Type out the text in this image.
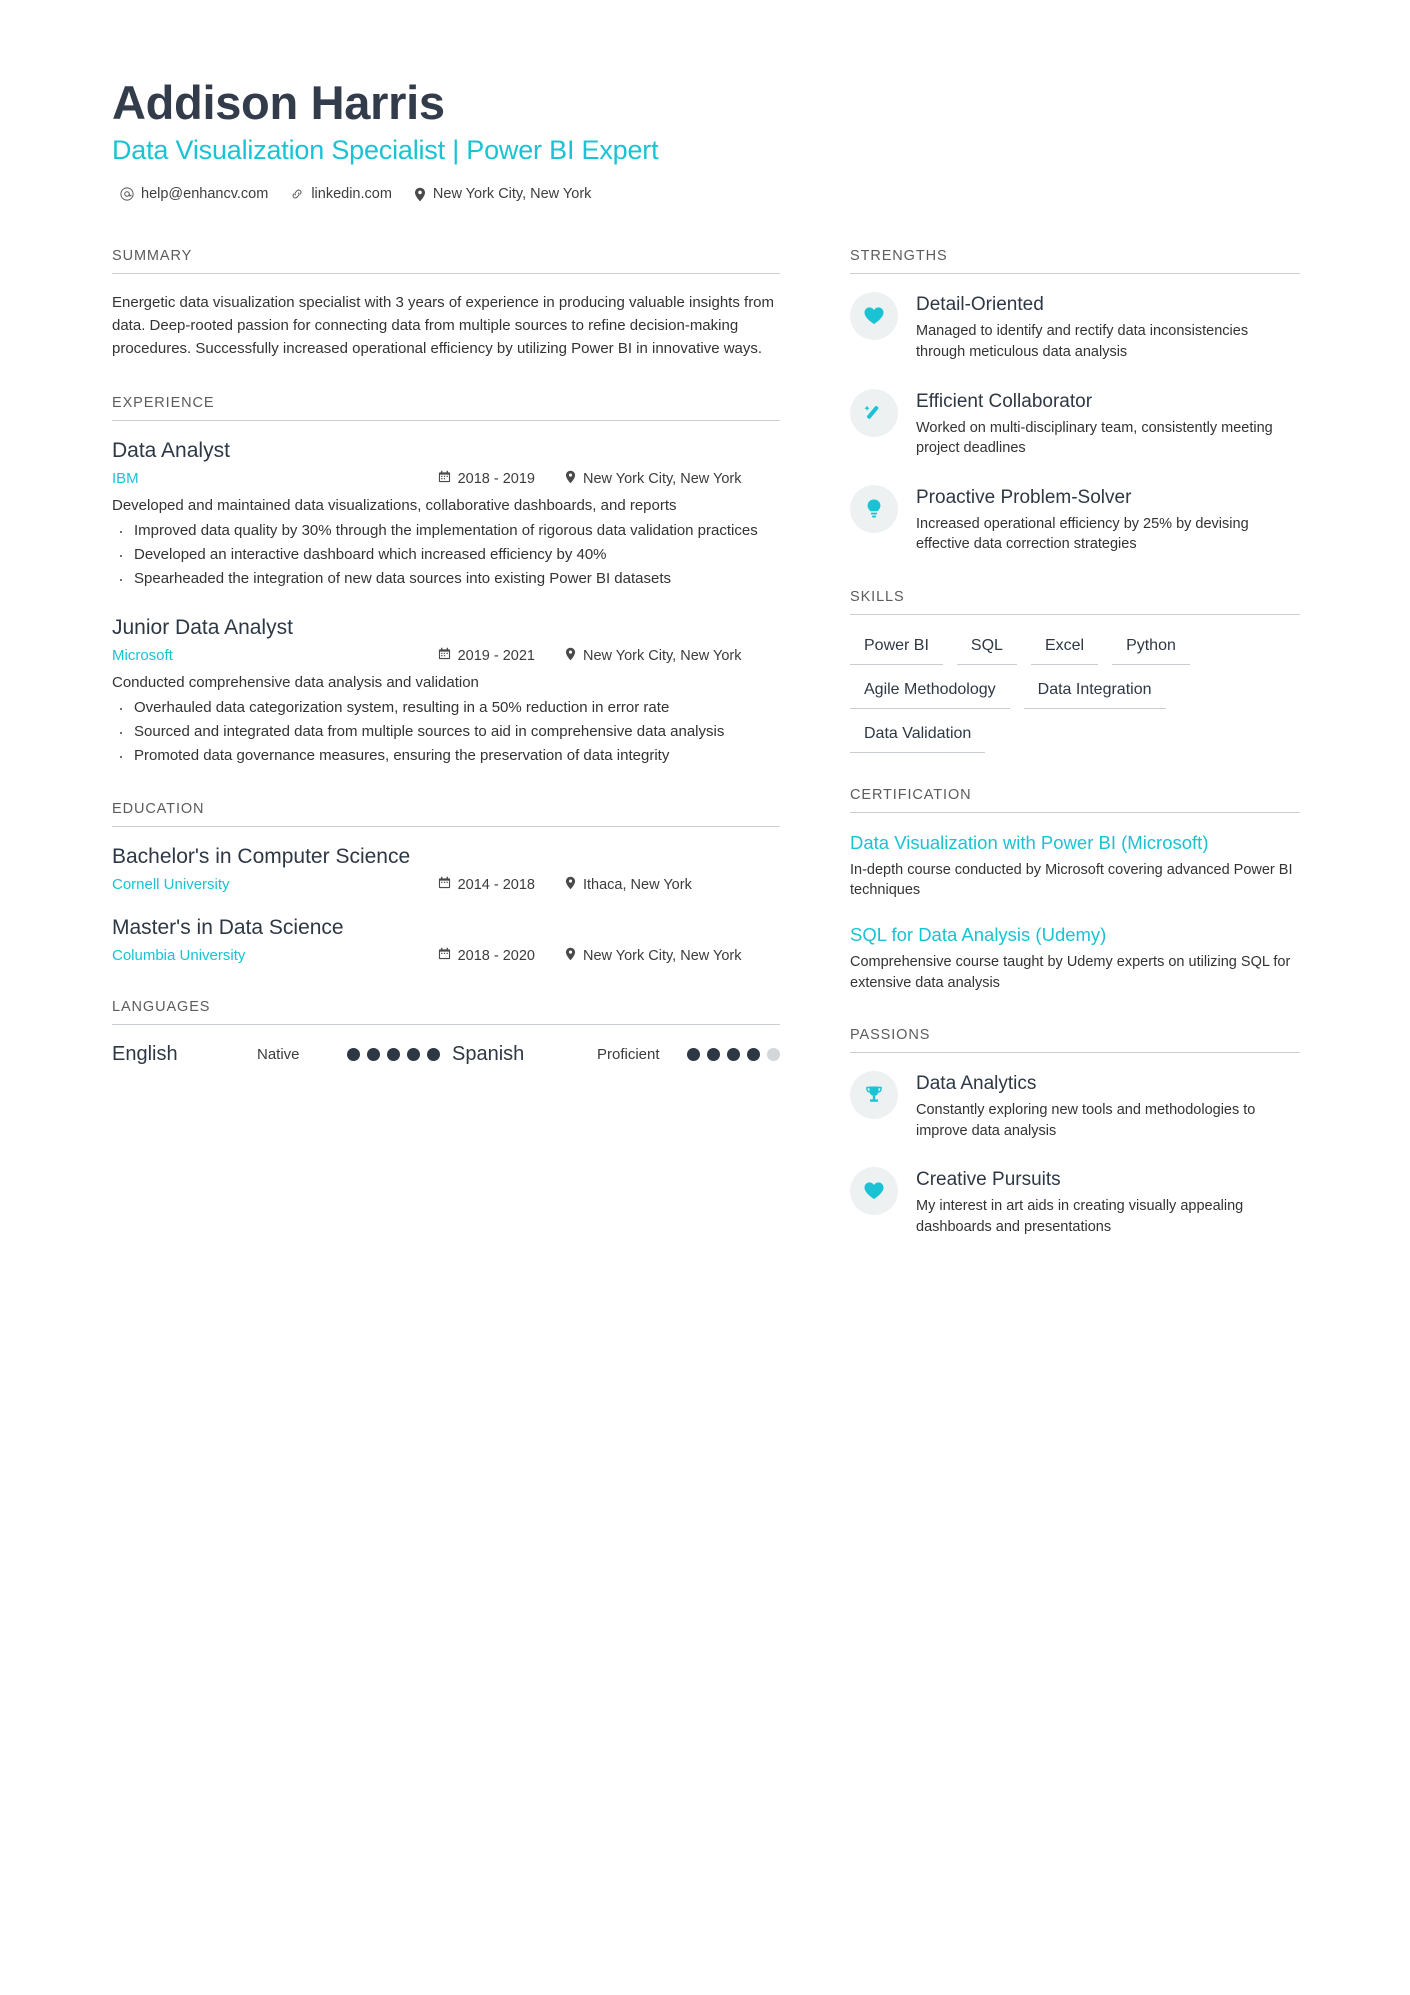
Addison Harris
Data Visualization Specialist | Power BI Expert
help@enhancv.com	linkedin.com	New York City, New York
SUMMARY
Energetic data visualization specialist with 3 years of experience in producing valuable insights from data. Deep-rooted passion for connecting data from multiple sources to refine decision-making procedures. Successfully increased operational efficiency by utilizing Power BI in innovative ways.
EXPERIENCE
Data Analyst
IBM	2018 - 2019	New York City, New York
Developed and maintained data visualizations, collaborative dashboards, and reports
· Improved data quality by 30% through the implementation of rigorous data validation practices
· Developed an interactive dashboard which increased efficiency by 40%
· Spearheaded the integration of new data sources into existing Power BI datasets
Junior Data Analyst
Microsoft	2019 - 2021	New York City, New York
Conducted comprehensive data analysis and validation
· Overhauled data categorization system, resulting in a 50% reduction in error rate
· Sourced and integrated data from multiple sources to aid in comprehensive data analysis
· Promoted data governance measures, ensuring the preservation of data integrity
EDUCATION
Bachelor's in Computer Science
Cornell University	2014 - 2018	Ithaca, New York
Master's in Data Science
Columbia University	2018 - 2020	New York City, New York
LANGUAGES
English	Native	Spanish	Proficient
STRENGTHS
Detail-Oriented
Managed to identify and rectify data inconsistencies through meticulous data analysis
Efficient Collaborator
Worked on multi-disciplinary team, consistently meeting project deadlines
Proactive Problem-Solver
Increased operational efficiency by 25% by devising effective data correction strategies
SKILLS
Power BI	SQL	Excel	Python
Agile Methodology	Data Integration
Data Validation
CERTIFICATION
Data Visualization with Power BI (Microsoft)
In-depth course conducted by Microsoft covering advanced Power BI techniques
SQL for Data Analysis (Udemy)
Comprehensive course taught by Udemy experts on utilizing SQL for extensive data analysis
PASSIONS
Data Analytics
Constantly exploring new tools and methodologies to improve data analysis
Creative Pursuits
My interest in art aids in creating visually appealing dashboards and presentations
